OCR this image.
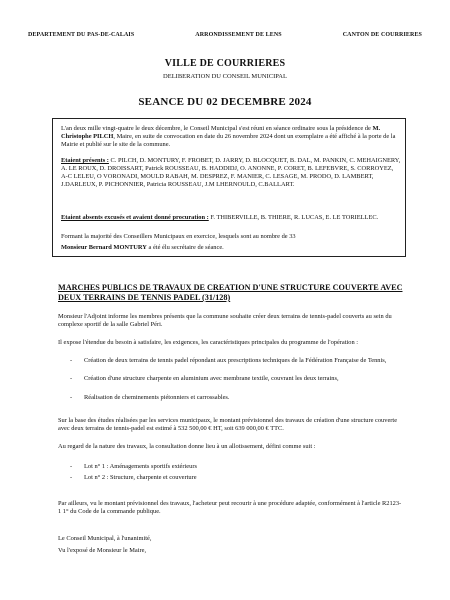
DEPARTEMENT DU PAS-DE-CALAIS	ARRONDISSEMENT DE LENS	CANTON DE COURRIERES
VILLE DE COURRIERES
DELIBERATION DU CONSEIL MUNICIPAL
SEANCE DU 02 DECEMBRE 2024

L'an deux mille vingt-quatre le deux décembre, le Conseil Municipal s'est réuni en séance ordinaire sous la présidence de M. Christophe PILCH, Maire, en suite de convocation en date du 26 novembre 2024 dont un exemplaire a été affiché à la porte de la Mairie et publié sur le site de la commune.

Etaient présents : C. PILCH, D. MONTURY, F. FROBET, D. JARRY, D. BLOCQUET, B. DAL, M. PANKIN, C. MEHAIGNERY, A. LE ROUX, D. DROISSART, Patrick ROUSSEAU, B. HADDIDJ, O. ANONNE, P. CORET, B. LEFEBVRE, S. CORROYEZ, A-C LELEU, O VORONADI, MOULD RABAH, M. DESPREZ, F. MANIER, C. LESAGE, M. PRODO, D. LAMBERT, J.DARLEUX, P. PICHONNIER, Patricia ROUSSEAU, J.M LHERNOULD, C.BALLART.

Etaient absents excusés et avaient donné procuration : F. THIBERVILLE, B. THIERE, R. LUCAS, E. LE TORIELLEC.

Formant la majorité des Conseillers Municipaux en exercice, lesquels sont au nombre de 33

Monsieur Bernard MONTURY a été élu secrétaire de séance.

MARCHES PUBLICS DE TRAVAUX DE CREATION D'UNE STRUCTURE COUVERTE AVEC DEUX TERRAINS DE TENNIS PADEL (31/128)

Monsieur l'Adjoint informe les membres présents que la commune souhaite créer deux terrains de tennis-padel couverts au sein du complexe sportif de la salle Gabriel Péri.

Il expose l'étendue du besoin à satisfaire, les exigences, les caractéristiques principales du programme de l'opération :

-	Création de deux terrains de tennis padel répondant aux prescriptions techniques de la Fédération Française de Tennis,
-	Création d'une structure charpente en aluminium avec membrane textile, couvrant les deux terrains,
-	Réalisation de cheminements piétonniers et carrossables.

Sur la base des études réalisées par les services municipaux, le montant prévisionnel des travaux de création d'une structure couverte avec deux terrains de tennis-padel est estimé à 532 500,00 € HT, soit 639 000,00 € TTC.

Au regard de la nature des travaux, la consultation donne lieu à un allotissement, défini comme suit :

-	Lot n° 1 : Aménagements sportifs extérieurs
-	Lot n° 2 : Structure, charpente et couverture

Par ailleurs, vu le montant prévisionnel des travaux, l'acheteur peut recourir à une procédure adaptée, conformément à l'article R2123-1 1° du Code de la commande publique.

Le Conseil Municipal, à l'unanimité,

Vu l'exposé de Monsieur le Maire,
